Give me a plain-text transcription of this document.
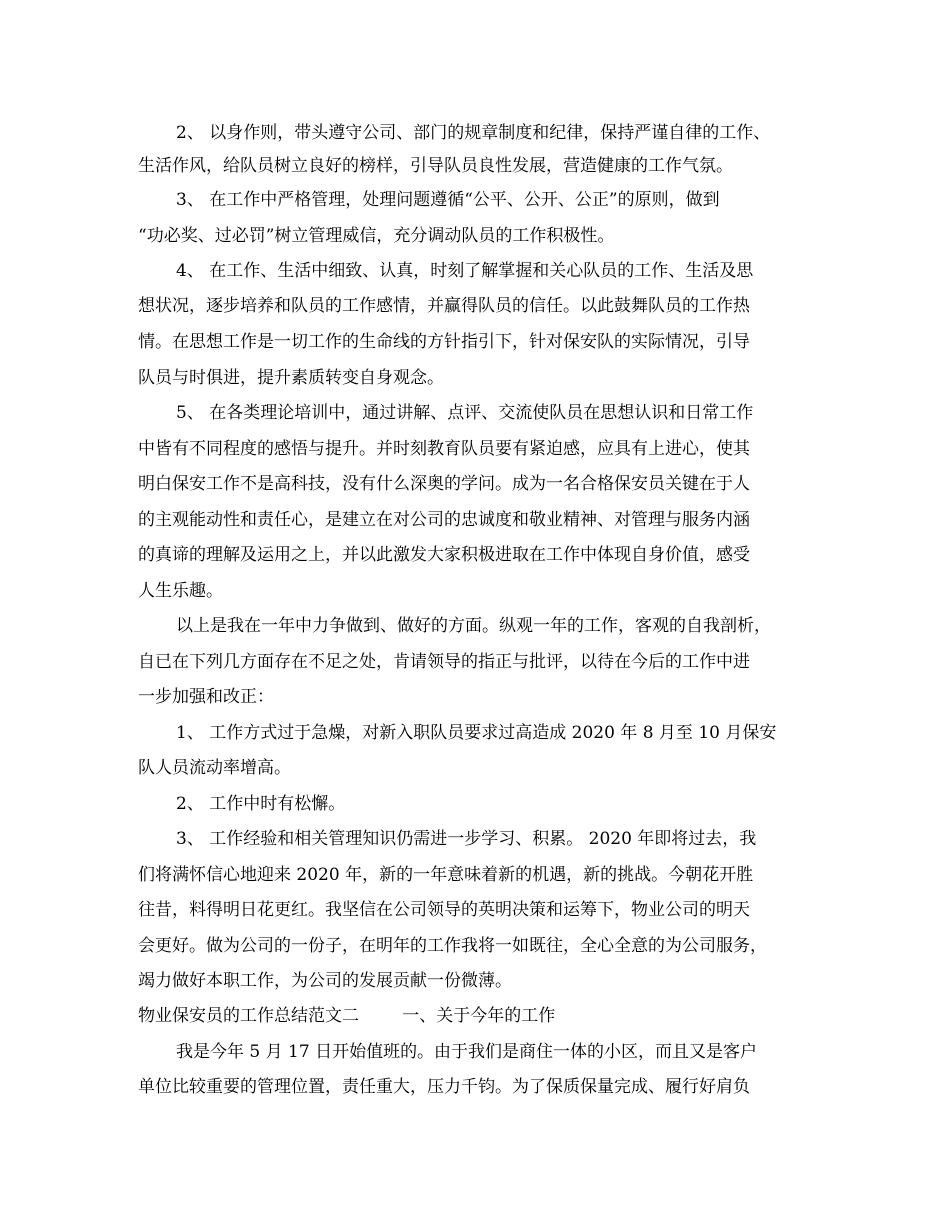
2、 以身作则，带头遵守公司、部门的规章制度和纪律，保持严谨自律的工作、
生活作风，给队员树立良好的榜样，引导队员良性发展，营造健康的工作气氛。
3、 在工作中严格管理，处理问题遵循“公平、公开、公正”的原则，做到
“功必奖、过必罚”树立管理威信，充分调动队员的工作积极性。
4、 在工作、生活中细致、认真，时刻了解掌握和关心队员的工作、生活及思
想状况，逐步培养和队员的工作感情，并赢得队员的信任。以此鼓舞队员的工作热
情。在思想工作是一切工作的生命线的方针指引下，针对保安队的实际情况，引导
队员与时俱进，提升素质转变自身观念。
5、 在各类理论培训中，通过讲解、点评、交流使队员在思想认识和日常工作
中皆有不同程度的感悟与提升。并时刻教育队员要有紧迫感，应具有上进心，使其
明白保安工作不是高科技，没有什么深奥的学问。成为一名合格保安员关键在于人
的主观能动性和责任心，是建立在对公司的忠诚度和敬业精神、对管理与服务内涵
的真谛的理解及运用之上，并以此激发大家积极进取在工作中体现自身价值，感受
人生乐趣。
以上是我在一年中力争做到、做好的方面。纵观一年的工作，客观的自我剖析，
自已在下列几方面存在不足之处，肯请领导的指正与批评，以待在今后的工作中进
一步加强和改正：
1、 工作方式过于急燥，对新入职队员要求过高造成 2020 年 8 月至 10 月保安
队人员流动率增高。
2、 工作中时有松懈。
3、 工作经验和相关管理知识仍需进一步学习、积累。 2020 年即将过去，我
们将满怀信心地迎来 2020 年，新的一年意味着新的机遇，新的挑战。今朝花开胜
往昔，料得明日花更红。我坚信在公司领导的英明决策和运筹下，物业公司的明天
会更好。做为公司的一份子，在明年的工作我将一如既往，全心全意的为公司服务，
竭力做好本职工作，为公司的发展贡献一份微薄。
物业保安员的工作总结范文二        一、关于今年的工作
我是今年 5 月 17 日开始值班的。由于我们是商住一体的小区，而且又是客户
单位比较重要的管理位置，责任重大，压力千钧。为了保质保量完成、履行好肩负
